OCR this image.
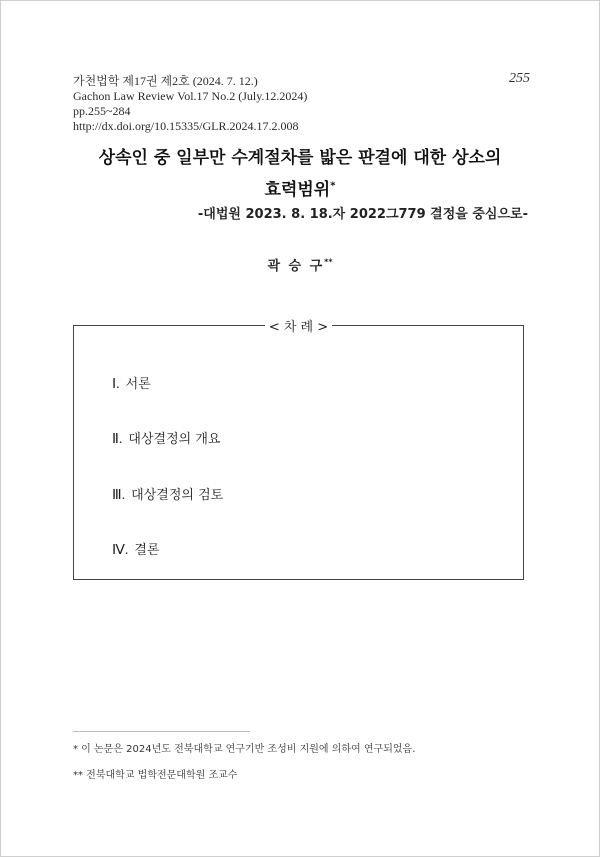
가천법학 제17권 제2호 (2024. 7. 12.)
Gachon Law Review Vol.17 No.2 (July.12.2024)
pp.255~284
http://dx.doi.org/10.15335/GLR.2024.17.2.008
255
상속인 중 일부만 수계절차를 밟은 판결에 대한 상소의
효력범위*
-대법원 2023. 8. 18.자 2022그779 결정을 중심으로-
곽 승 구**
< 차 례 >
Ⅰ. 서론
Ⅱ. 대상결정의 개요
Ⅲ. 대상결정의 검토
Ⅳ. 결론
* 이 논문은 2024년도 전북대학교 연구기반 조성비 지원에 의하여 연구되었음.
** 전북대학교 법학전문대학원 조교수
